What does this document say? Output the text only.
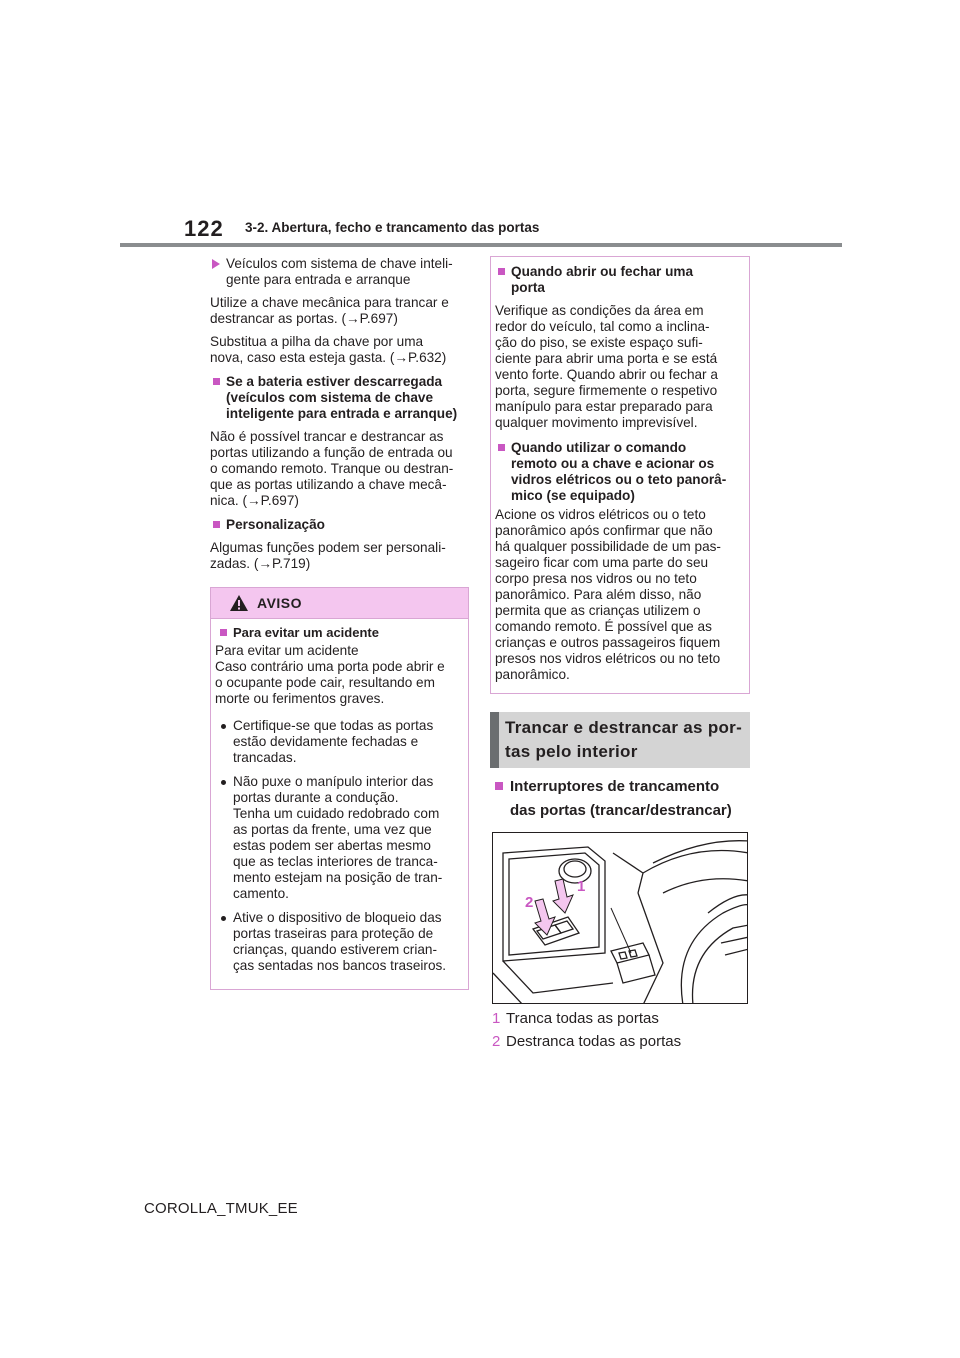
122 3-2. Abertura, fecho e trancamento das portas
Veículos com sistema de chave inteli-
gente para entrada e arranque

Utilize a chave mecânica para trancar e
destrancar as portas. (→P.697)

Substitua a pilha da chave por uma
nova, caso esta esteja gasta. (→P.632)

Se a bateria estiver descarregada
(veículos com sistema de chave
inteligente para entrada e arranque)

Não é possível trancar e destrancar as
portas utilizando a função de entrada ou
o comando remoto. Tranque ou destran-
que as portas utilizando a chave mecâ-
nica. (→P.697)

Personalização

Algumas funções podem ser personali-
zadas. (→P.719)

AVISO
Para evitar um acidente

Para evitar um acidente
Caso contrário uma porta pode abrir e
o ocupante pode cair, resultando em
morte ou ferimentos graves.

Certifique-se que todas as portas
estão devidamente fechadas e
trancadas.
Não puxe o manípulo interior das
portas durante a condução.
Tenha um cuidado redobrado com
as portas da frente, uma vez que
estas podem ser abertas mesmo
que as teclas interiores de tranca-
mento estejam na posição de tran-
camento.
Ative o dispositivo de bloqueio das
portas traseiras para proteção de
crianças, quando estiverem crian-
ças sentadas nos bancos traseiros.
Quando abrir ou fechar uma
porta

Verifique as condições da área em
redor do veículo, tal como a inclina-
ção do piso, se existe espaço sufi-
ciente para abrir uma porta e se está
vento forte. Quando abrir ou fechar a
porta, segure firmemente o respetivo
manípulo para estar preparado para
qualquer movimento imprevisível.

Quando utilizar o comando
remoto ou a chave e acionar os
vidros elétricos ou o teto panorâ-
mico (se equipado)

Acione os vidros elétricos ou o teto
panorâmico após confirmar que não
há qualquer possibilidade de um pas-
sageiro ficar com uma parte do seu
corpo presa nos vidros ou no teto
panorâmico. Para além disso, não
permita que as crianças utilizem o
comando remoto. É possível que as
crianças e outros passageiros fiquem
presos nos vidros elétricos ou no teto
panorâmico.

Trancar e destrancar as por-
tas pelo interior
Interruptores de trancamento
das portas (trancar/destrancar)
1
2
1 Tranca todas as portas
2 Destranca todas as portas
COROLLA_TMUK_EE
